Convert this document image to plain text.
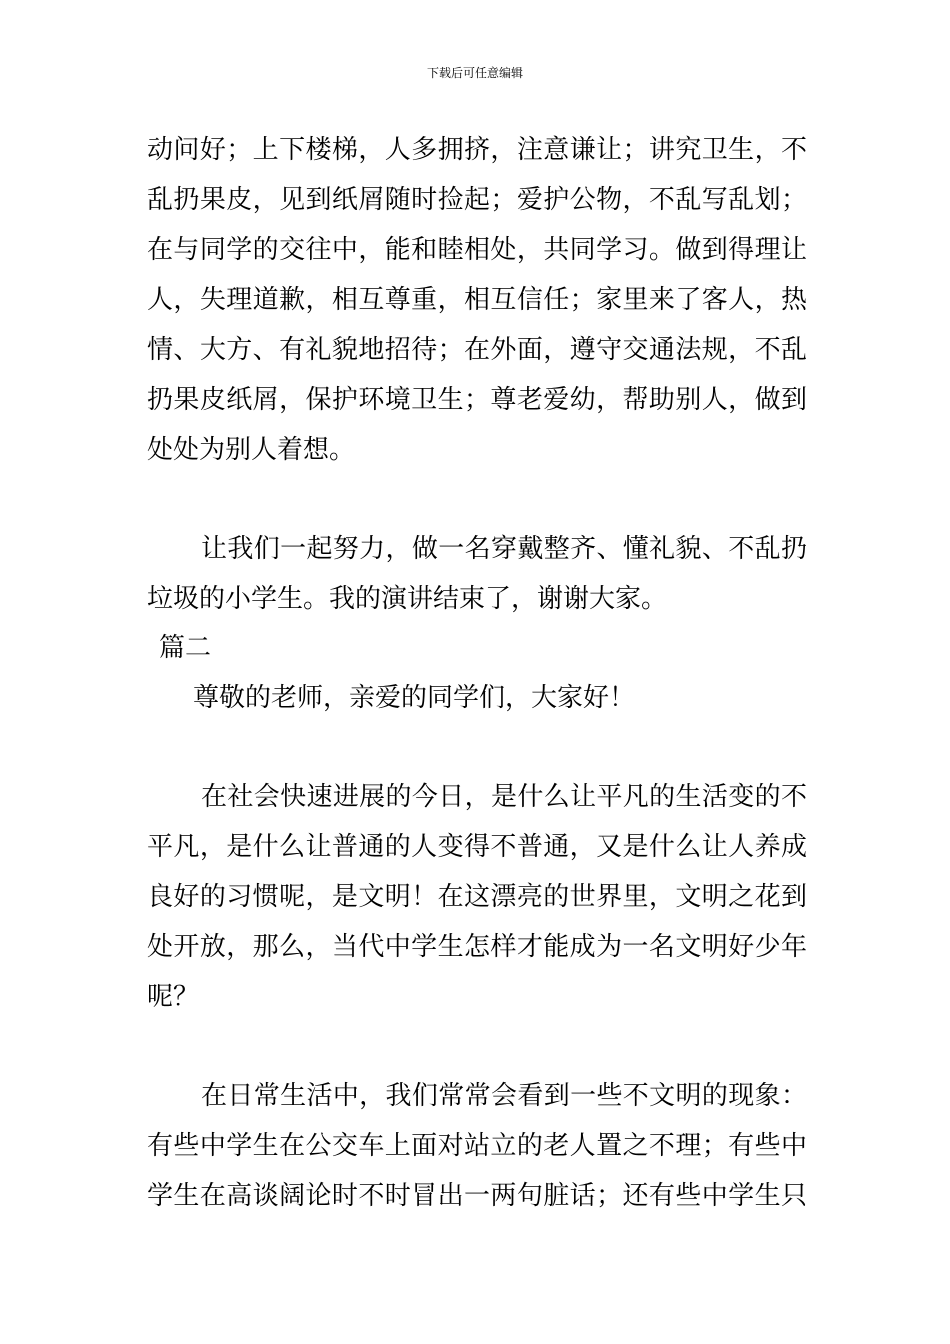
下载后可任意编辑
动问好；上下楼梯，人多拥挤，注意谦让；讲究卫生，不
乱扔果皮，见到纸屑随时捡起；爱护公物，不乱写乱划；
在与同学的交往中，能和睦相处，共同学习。做到得理让
人，失理道歉，相互尊重，相互信任；家里来了客人，热
情、大方、有礼貌地招待；在外面，遵守交通法规，不乱
扔果皮纸屑，保护环境卫生；尊老爱幼，帮助别人，做到
处处为别人着想。
让我们一起努力，做一名穿戴整齐、懂礼貌、不乱扔
垃圾的小学生。我的演讲结束了，谢谢大家。
篇二
尊敬的老师，亲爱的同学们，大家好！
在社会快速进展的今日，是什么让平凡的生活变的不
平凡，是什么让普通的人变得不普通，又是什么让人养成
良好的习惯呢，是文明！在这漂亮的世界里，文明之花到
处开放，那么，当代中学生怎样才能成为一名文明好少年
呢？
在日常生活中，我们常常会看到一些不文明的现象：
有些中学生在公交车上面对站立的老人置之不理；有些中
学生在高谈阔论时不时冒出一两句脏话；还有些中学生只
